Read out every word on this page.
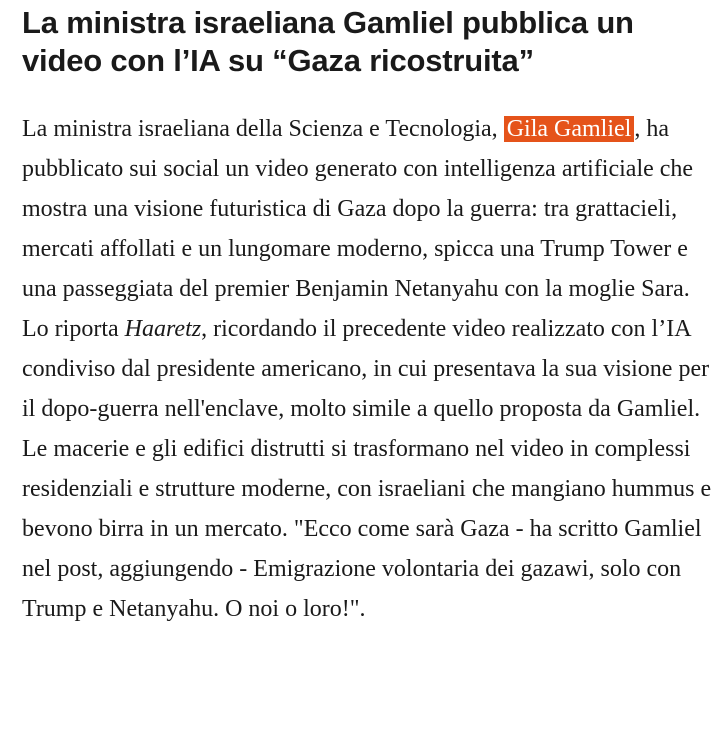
La ministra israeliana Gamliel pubblica un
video con l’IA su “Gaza ricostruita”

La ministra israeliana della Scienza e Tecnologia, Gila Gamliel , ha pubblicato sui social un video generato con intelligenza artificiale che mostra una visione futuristica di Gaza dopo la guerra: tra grattacieli, mercati affollati e un lungomare moderno, spicca una Trump Tower e una passeggiata del premier Benjamin Netanyahu con la moglie Sara. Lo riporta Haaretz, ricordando il precedente video realizzato con l’IA condiviso dal presidente americano, in cui presentava la sua visione per il dopo-guerra nell'enclave, molto simile a quello proposta da Gamliel. Le macerie e gli edifici distrutti si trasformano nel video in complessi residenziali e strutture moderne, con israeliani che mangiano hummus e bevono birra in un mercato. "Ecco come sarà Gaza - ha scritto Gamliel nel post, aggiungendo - Emigrazione volontaria dei gazawi, solo con Trump e Netanyahu. O noi o loro!".
